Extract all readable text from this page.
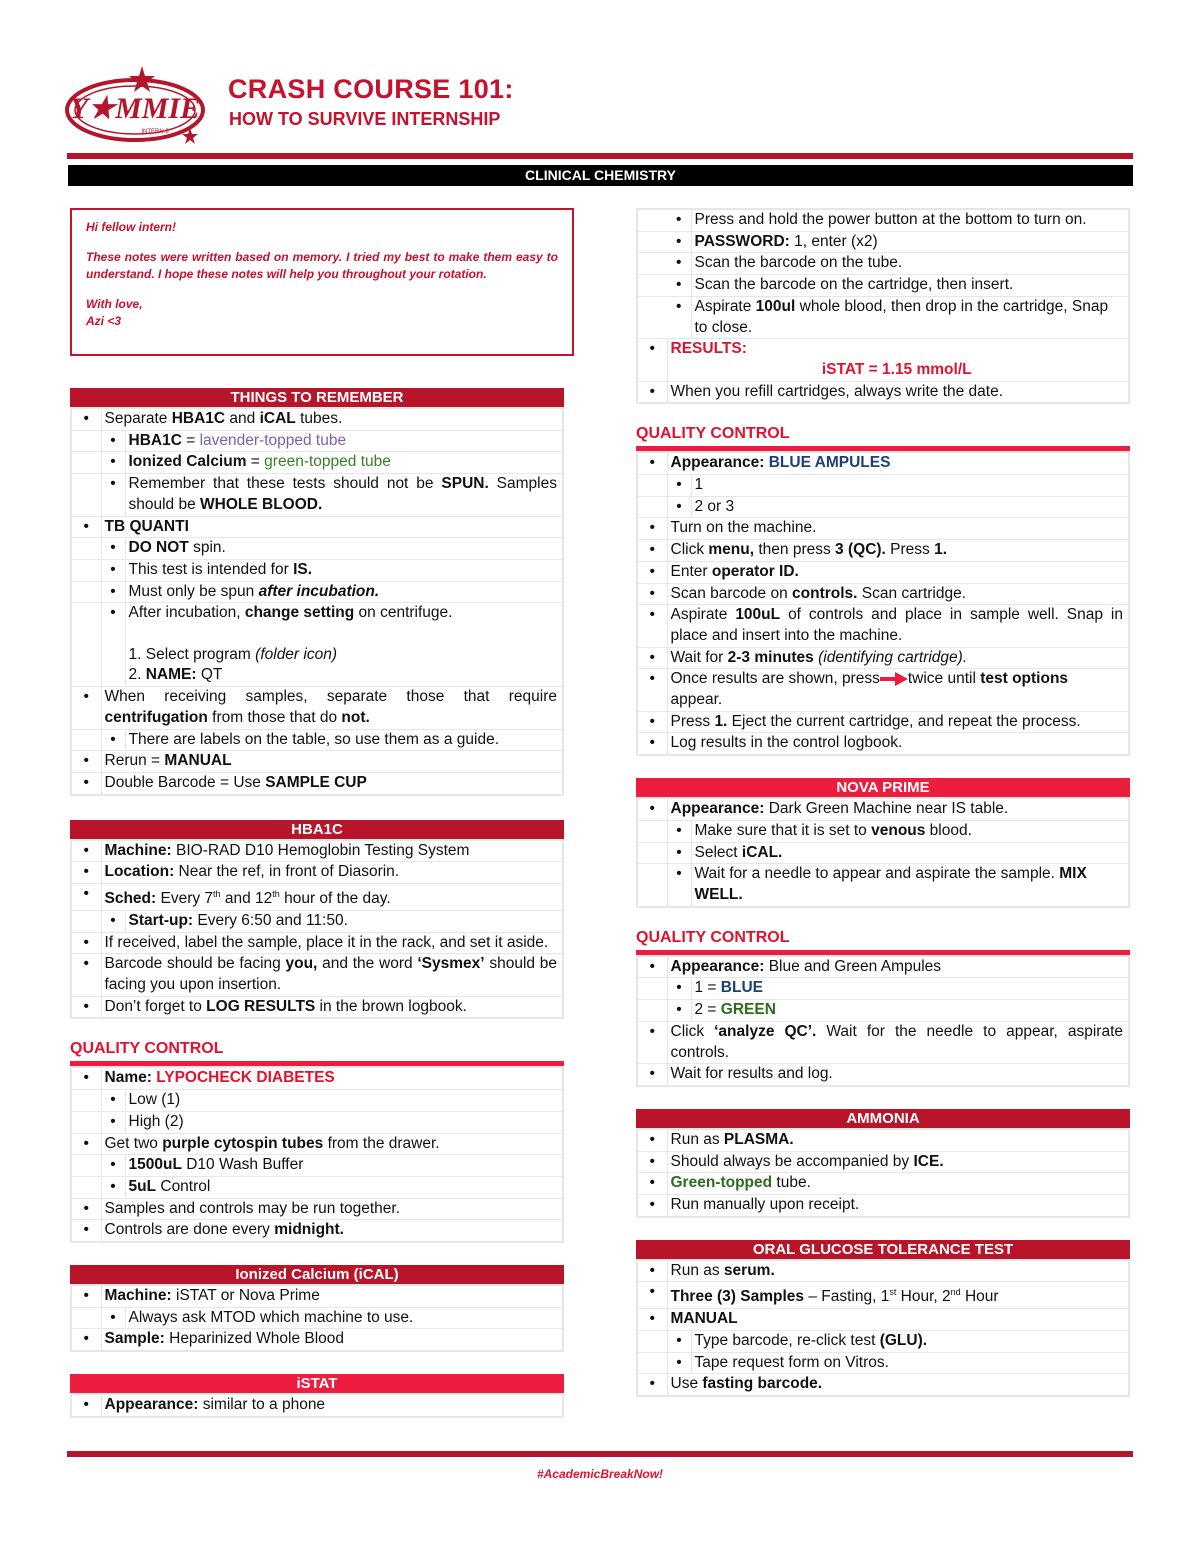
Y★MMIE
INTERN 3
CRASH COURSE 101:
HOW TO SURVIVE INTERNSHIP
CLINICAL CHEMISTRY

Hi fellow intern!

These notes were written based on memory. I tried my best to make them easy to understand. I hope these notes will help you throughout your rotation.

With love,
Azi <3

THINGS TO REMEMBER
•	Separate HBA1C and iCAL tubes.	
	•	HBA1C = lavender-topped tube
	•	Ionized Calcium = green-topped tube
	•	Remember that these tests should not be SPUN. Samples should be WHOLE BLOOD.
•	TB QUANTI	
	•	DO NOT spin.
	•	This test is intended for IS.
	•	Must only be spun after incubation.
	•	After incubation, change setting on centrifuge.

1. Select program (folder icon)
2. NAME: QT
•	When receiving samples, separate those that require centrifugation from those that do not.	
	•	There are labels on the table, so use them as a guide.
•	Rerun = MANUAL	
•	Double Barcode = Use SAMPLE CUP	
HBA1C
•	Machine: BIO-RAD D10 Hemoglobin Testing System	
•	Location: Near the ref, in front of Diasorin.	
•	Sched: Every 7th and 12th hour of the day.	
	•	Start-up: Every 6:50 and 11:50.
•	If received, label the sample, place it in the rack, and set it aside.	
•	Barcode should be facing you, and the word ‘Sysmex’ should be facing you upon insertion.	
•	Don’t forget to LOG RESULTS in the brown logbook.	
QUALITY CONTROL
•	Name: LYPOCHECK DIABETES	
	•	Low (1)
	•	High (2)
•	Get two purple cytospin tubes from the drawer.	
	•	1500uL D10 Wash Buffer
	•	5uL Control
•	Samples and controls may be run together.	
•	Controls are done every midnight.	
Ionized Calcium (iCAL)
•	Machine: iSTAT or Nova Prime	
	•	Always ask MTOD which machine to use.
•	Sample: Heparinized Whole Blood	
iSTAT
•	Appearance: similar to a phone
	•	Press and hold the power button at the bottom to turn on.
	•	PASSWORD: 1, enter (x2)
	•	Scan the barcode on the tube.
	•	Scan the barcode on the cartridge, then insert.
	•	Aspirate 100ul whole blood, then drop in the cartridge, Snap to close.
•	RESULTS:

iSTAT = 1.15 mmol/L	

•	When you refill cartridges, always write the date.	
QUALITY CONTROL
•	Appearance: BLUE AMPULES	
	•	1
	•	2 or 3
•	Turn on the machine.	
•	Click menu, then press 3 (QC). Press 1.	
•	Enter operator ID.	
•	Scan barcode on controls. Scan cartridge.	
•	Aspirate 100uL of controls and place in sample well. Snap in place and insert into the machine.	
•	Wait for 2-3 minutes (identifying cartridge).	
•	Once results are shown, press twice until test options appear.	
•	Press 1. Eject the current cartridge, and repeat the process.	
•	Log results in the control logbook.	
NOVA PRIME
•	Appearance: Dark Green Machine near IS table.	
	•	Make sure that it is set to venous blood.
	•	Select iCAL.
	•	Wait for a needle to appear and aspirate the sample. MIX WELL.
QUALITY CONTROL
•	Appearance: Blue and Green Ampules	
	•	1 = BLUE
	•	2 = GREEN
•	Click ‘analyze QC’. Wait for the needle to appear, aspirate controls.	
•	Wait for results and log.	
AMMONIA
•	Run as PLASMA.
•	Should always be accompanied by ICE.
•	Green-topped tube.
•	Run manually upon receipt.
ORAL GLUCOSE TOLERANCE TEST
•	Run as serum.	
•	Three (3) Samples – Fasting, 1st Hour, 2nd Hour	
•	MANUAL	
	•	Type barcode, re-click test (GLU).
	•	Tape request form on Vitros.
•	Use fasting barcode.	
#AcademicBreakNow!
